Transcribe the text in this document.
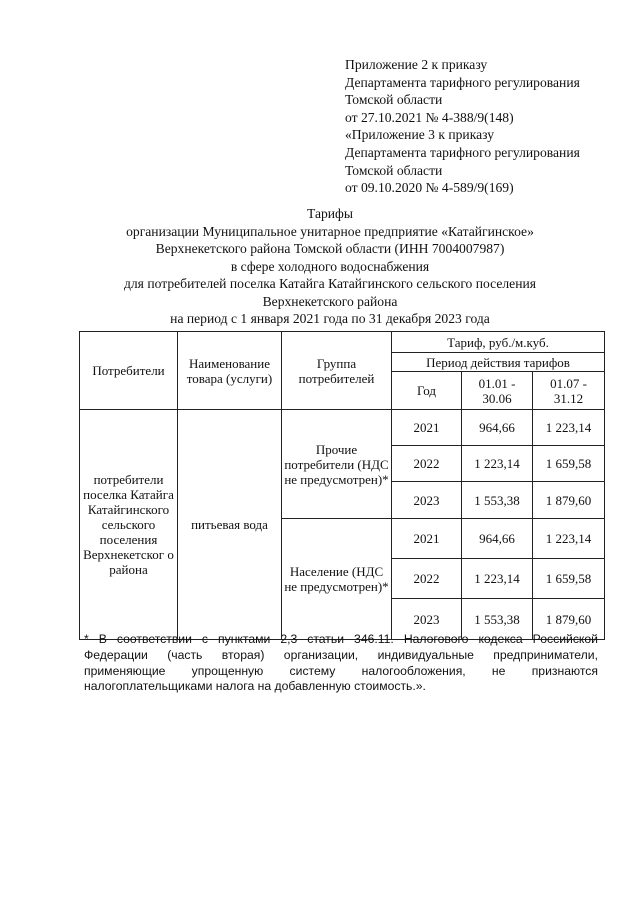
Приложение 2 к приказу
Департамента тарифного регулирования
Томской области
от 27.10.2021 № 4-388/9(148)
«Приложение 3 к приказу
Департамента тарифного регулирования
Томской области
от 09.10.2020 № 4-589/9(169)
Тарифы
организации Муниципальное унитарное предприятие «Катайгинское»
Верхнекетского района Томской области (ИНН 7004007987)
в сфере холодного водоснабжения
для потребителей поселка Катайга Катайгинского сельского поселения
Верхнекетского района
на период с 1 января 2021 года по 31 декабря 2023 года
Потребители	Наименование товара (услуги)	Группа потребителей	Тариф, руб./м.куб.		
			Период действия тарифов		
			Год	01.01 - 30.06	01.07 - 31.12
потребители поселка Катайга Катайгинского сельского поселения Верхнекетског о района	питьевая вода	Прочие потребители (НДС не предусмотрен)*	2021	964,66	1 223,14
			2022	1 223,14	1 659,58
			2023	1 553,38	1 879,60
		Население (НДС не предусмотрен)*	2021	964,66	1 223,14
			2022	1 223,14	1 659,58
			2023	1 553,38	1 879,60
* В соответствии с пунктами 2,3 статьи 346.11. Налогового кодекса Российской Федерации (часть вторая) организации, индивидуальные предприниматели, применяющие упрощенную систему налогообложения, не признаются налогоплательщиками налога на добавленную стоимость.».
